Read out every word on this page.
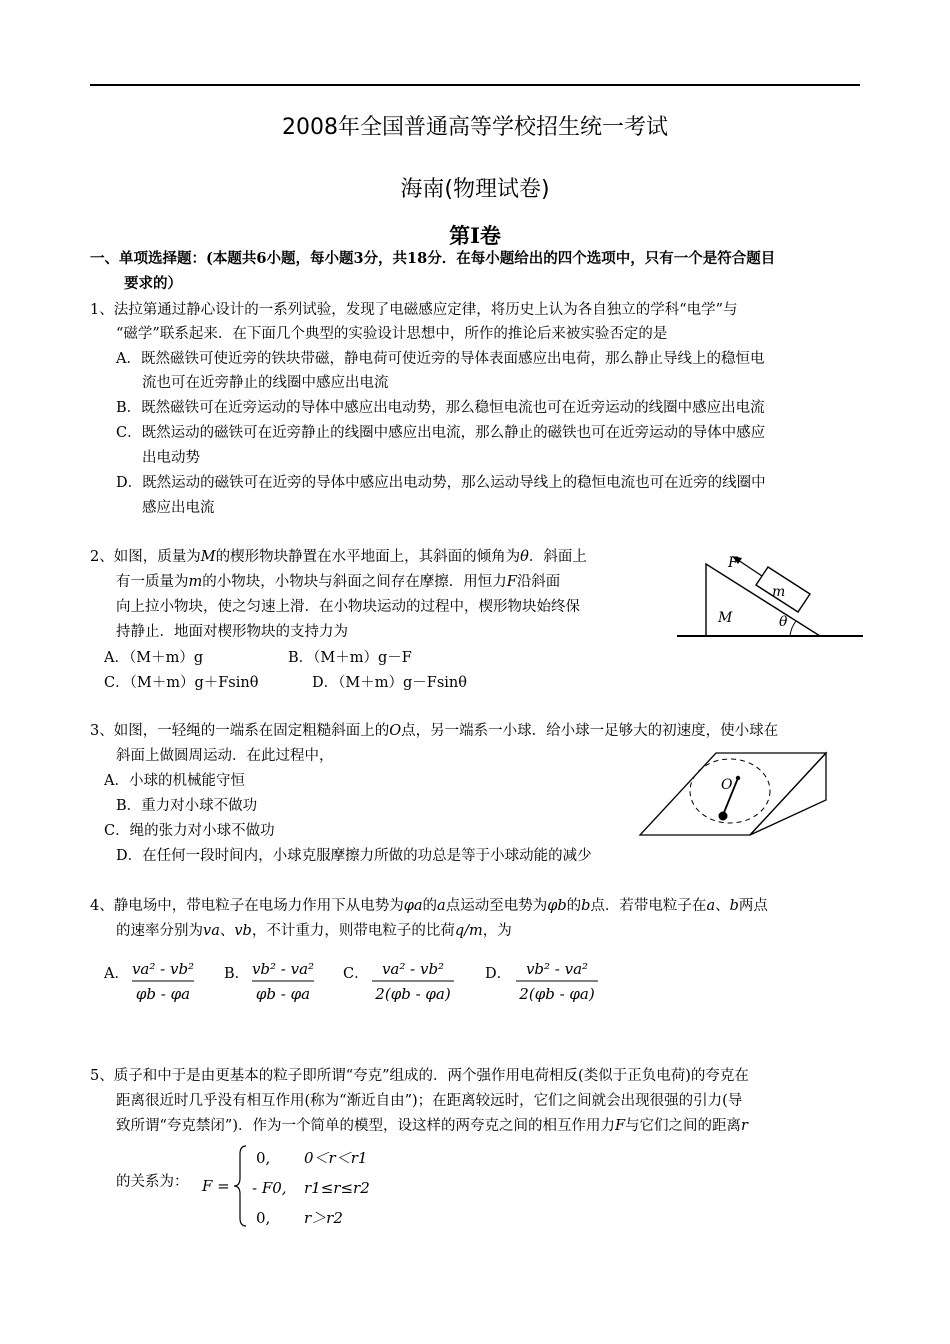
2008年全国普通高等学校招生统一考试
海南(物理试卷)
第Ⅰ卷
一、单项选择题：(本题共6小题，每小题3分，共18分．在每小题给出的四个选项中，只有一个是符合题目
要求的）
1、法拉第通过静心设计的一系列试验，发现了电磁感应定律，将历史上认为各自独立的学科“电学”与
“磁学”联系起来．在下面几个典型的实验设计思想中，所作的推论后来被实验否定的是
A．既然磁铁可使近旁的铁块带磁，静电荷可使近旁的导体表面感应出电荷，那么静止导线上的稳恒电
流也可在近旁静止的线圈中感应出电流
B．既然磁铁可在近旁运动的导体中感应出电动势，那么稳恒电流也可在近旁运动的线圈中感应出电流
C．既然运动的磁铁可在近旁静止的线圈中感应出电流，那么静止的磁铁也可在近旁运动的导体中感应
出电动势
D．既然运动的磁铁可在近旁的导体中感应出电动势，那么运动导线上的稳恒电流也可在近旁的线圈中
感应出电流
2、如图，质量为M的楔形物块静置在水平地面上，其斜面的倾角为θ．斜面上
有一质量为m的小物块，小物块与斜面之间存在摩擦．用恒力F沿斜面
向上拉小物块，使之匀速上滑．在小物块运动的过程中，楔形物块始终保
持静止．地面对楔形物块的支持力为
A．（M＋m）g	B．（M＋m）g－F
C．（M＋m）g＋Fsinθ	D．（M＋m）g－Fsinθ
F
m
M	θ
3、如图，一轻绳的一端系在固定粗糙斜面上的O点，另一端系一小球．给小球一足够大的初速度，使小球在
斜面上做圆周运动．在此过程中，
A．小球的机械能守恒
B．重力对小球不做功
C．绳的张力对小球不做功
D．在任何一段时间内，小球克服摩擦力所做的功总是等于小球动能的减少
O
4、静电场中，带电粒子在电场力作用下从电势为φa的a点运动至电势为φb的b点．若带电粒子在a、b两点
的速率分别为va、vb，不计重力，则带电粒子的比荷q/m，为
A． va² - vb²
φb - φa
B． vb² - va²
φb - φa
C． va² - vb²
2(φb - φa)
D． vb² - va²
2(φb - φa)
5、质子和中于是由更基本的粒子即所谓“夸克”组成的．两个强作用电荷相反(类似于正负电荷)的夸克在
距离很近时几乎没有相互作用(称为“渐近自由”)；在距离较远时，它们之间就会出现很强的引力(导
致所谓“夸克禁闭”)．作为一个简单的模型，设这样的两夸克之间的相互作用力F与它们之间的距离r
的关系为： F =
0, 0＜r＜r1
- F0, r1≤r≤r2
0, r＞r2
